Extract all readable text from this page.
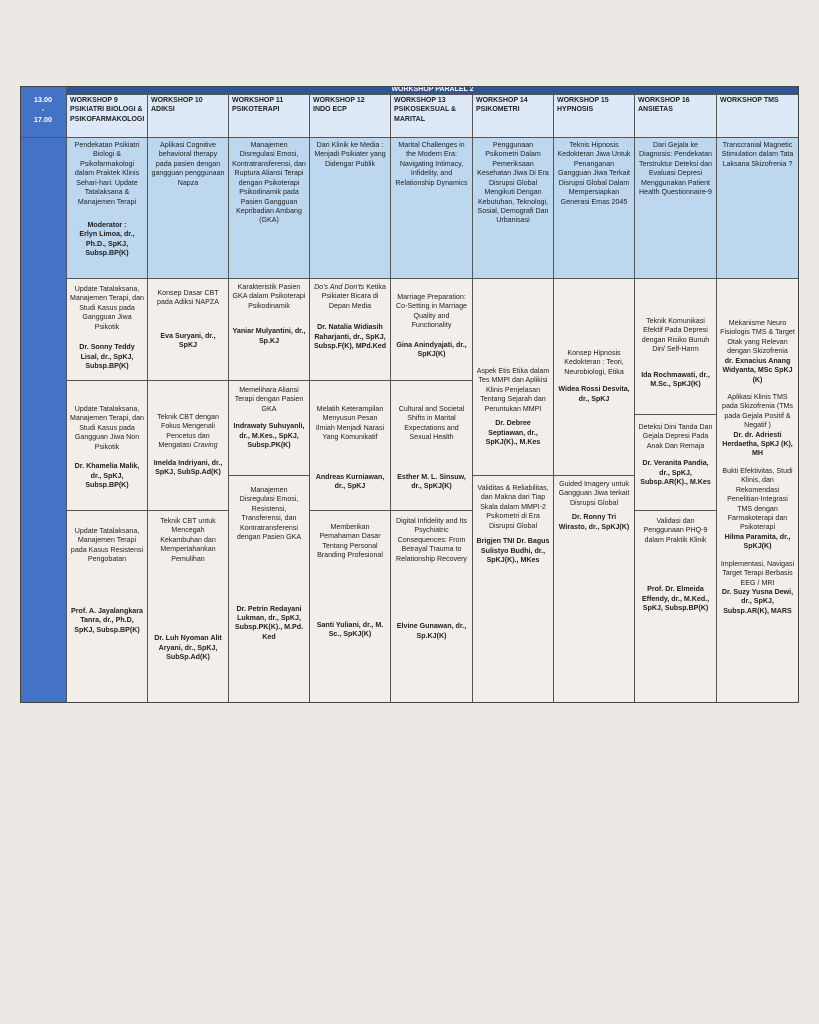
13.00
-
17.00
WORKSHOP PARALEL 2
WORKSHOP 9
PSIKIATRI BIOLOGI & PSIKOFARMAKOLOGI
WORKSHOP 10
ADIKSI
WORKSHOP 11
PSIKOTERAPI
WORKSHOP 12
INDO ECP
WORKSHOP 13
PSIKOSEKSUAL & MARITAL
WORKSHOP 14
PSIKOMETRI
WORKSHOP 15
HYPNOSIS
WORKSHOP 16
ANSIETAS
WORKSHOP TMS
Pendekatan Psikiatri Biologi & Psikofarmakologi dalam Praktek Klinis Sehari-hari: Update Tatalaksana & Manajemen Terapi
Moderator :
Erlyn Limoa, dr., Ph.D., SpKJ, Subsp.BP(K)
Aplikasi Cognitive behavioral therapy pada pasien dengan gangguan penggunaan Napza
Manajemen Disregulasi Emosi, Kontratransferensi, dan Ruptura Aliansi Terapi dengan Psikoterapi Psikodinamik pada Pasien Gangguan Kepribadian Ambang (GKA)
Dari Klinik ke Media : Menjadi Psikiater yang Didengar Publik
Marital Challenges in the Modern Era: Navigating Intimacy, Infidelity, and Relationship Dynamics
Penggunaan Psikometri Dalam Pemeriksaan Kesehatan Jiwa Di Era Disrupsi Global Mengikuti Dengan Kebutuhan, Teknologi, Sosial, Demografi Dan Urbanisasi
Teknis Hipnosis Kedokteran Jiwa Untuk Penanganan Gangguan Jiwa Terkait Disrupsi Global Dalam Mempersiapkan Generasi Emas 2045
Dari Gejala ke Diagnosis: Pendekatan Terstruktur Deteksi dan Evaluasi Depresi Menggunakan Patient Health Questionnaire-9
Transcranial Magnetic Stimulation dalam Tata Laksana Skizofrenia ?
Update Tatalaksana, Manajemen Terapi, dan Studi Kasus pada Gangguan Jiwa Psikotik
Dr. Sonny Teddy Lisal, dr., SpKJ, Subsp.BP(K)
Update Tatalaksana, Manajemen Terapi, dan Studi Kasus pada Gangguan Jiwa Non Psikotik
Dr. Khamelia Malik, dr., SpKJ, Subsp.BP(K)
Update Tatalaksana, Manajemen Terapi pada Kasus Resistensi Pengobatan
Prof. A. Jayalangkara Tanra, dr., Ph.D, SpKJ, Subsp.BP(K)
Konsep Dasar CBT pada Adiksi NAPZA
Eva Suryani, dr., SpKJ
Teknik CBT dengan Fokus Mengenali Pencetus dan Mengatasi Craving
Imelda Indriyani, dr., SpKJ, SubSp.Ad(K)
Teknik CBT untuk Mencegah Kekambuhan dan Mempertahankan Pemulihan
Dr. Luh Nyoman Alit Aryani, dr., SpKJ, SubSp.Ad(K)
Karakteristik Pasien GKA dalam Psikoterapi Psikodinamik
Yaniar Mulyantini, dr., Sp.KJ
Memelihara Aliansi Terapi dengan Pasien GKA
Indrawaty Suhuyanli, dr., M.Kes., SpKJ, Subsp.PK(K)
Manajemen Disregulasi Emosi, Resistensi, Transferensi, dan Kontratransferensi dengan Pasien GKA
Dr. Petrin Redayani Lukman, dr., SpKJ, Subsp.PK(K)., M.Pd. Ked
Do's And Don'ts Ketika Psikiater Bicara di Depan Media
Dr. Natalia Widiasih Raharjanti, dr., SpKJ, Subsp.F(K), MPd.Ked
Melatih Keterampilan Menyusun Pesan Ilmiah Menjadi Narasi Yang Komunikatif
Andreas Kurniawan, dr., SpKJ
Memberikan Pemahaman Dasar Tentang Personal Branding Profesional
Santi Yuliani, dr., M. Sc., SpKJ(K)
Marriage Preparation: Co-Setting in Marriage Quality and Functionality
Gina Anindyajati, dr., SpKJ(K)
Cultural and Societal Shifts in Marital Expectations and Sexual Health
Esther M. L. Sinsuw, dr., SpKJ(K)
Digital Infidelity and Its Psychiatric Consequences: From Betrayal Trauma to Relationship Recovery
Elvine Gunawan, dr., Sp.KJ(K)
Aspek Etis Etika dalam Tes MMPI dan Aplikisi Klinis Penjelasan Tentang Sejarah dan Peruntukan MMPI
Dr. Debree Septiawan, dr., SpKJ(K)., M.Kes
Validitas & Reliabilitas, dan Makna dari Tiap Skala dalam MMPI-2 Psikometri di Era Disrupsi Global
Brigjen TNI Dr. Bagus Sulistyo Budhi, dr., SpKJ(K)., MKes
Konsep Hipnosis Kedokteran : Teori, Neurobiologi, Etika
Widea Rossi Desvita, dr., SpKJ
Guided Imagery untuk Gangguan Jiwa terkait Disrupsi Global
Dr. Ronny Tri Wirasto, dr., SpKJ(K)
Teknik Komunikasi Efektif Pada Depresi dengan Risiko Bunuh Diri/ Self-Harm
Ida Rochmawati, dr., M.Sc., SpKJ(K)
Deteksi Dini Tanda Dan Gejala Depresi Pada Anak Dan Remaja
Dr. Veranita Pandia, dr., SpKJ, Subsp.AR(K)., M.Kes
Validasi dan Penggunaan PHQ-9 dalam Praktik Klinik
Prof. Dr. Elmeida Effendy, dr., M.Ked., SpKJ, Subsp.BP(K)
Mekanisme Neuro Fisiologis TMS & Target Otak yang Relevan dengan Skizofrenia
dr. Exnacius Anang Widyanta, MSc SpKJ (K)
Aplikasi Klinis TMS pada Skizofrenia (TMs pada Gejala Positif & Negatif )
Dr. dr. Adriesti Herdaetha, SpKJ (K), MH
Bukti Efektivitas, Studi Klinis, dan Rekomendasi Penelitian-Integrasi TMS dengan Farmakoterapi dan Psikoterapi
Hilma Paramita, dr., SpKJ(K)
Implementasi, Navigasi Target Terapi Berbasis EEG / MRI
Dr. Suzy Yusna Dewi, dr., SpKJ, Subsp.AR(K), MARS
